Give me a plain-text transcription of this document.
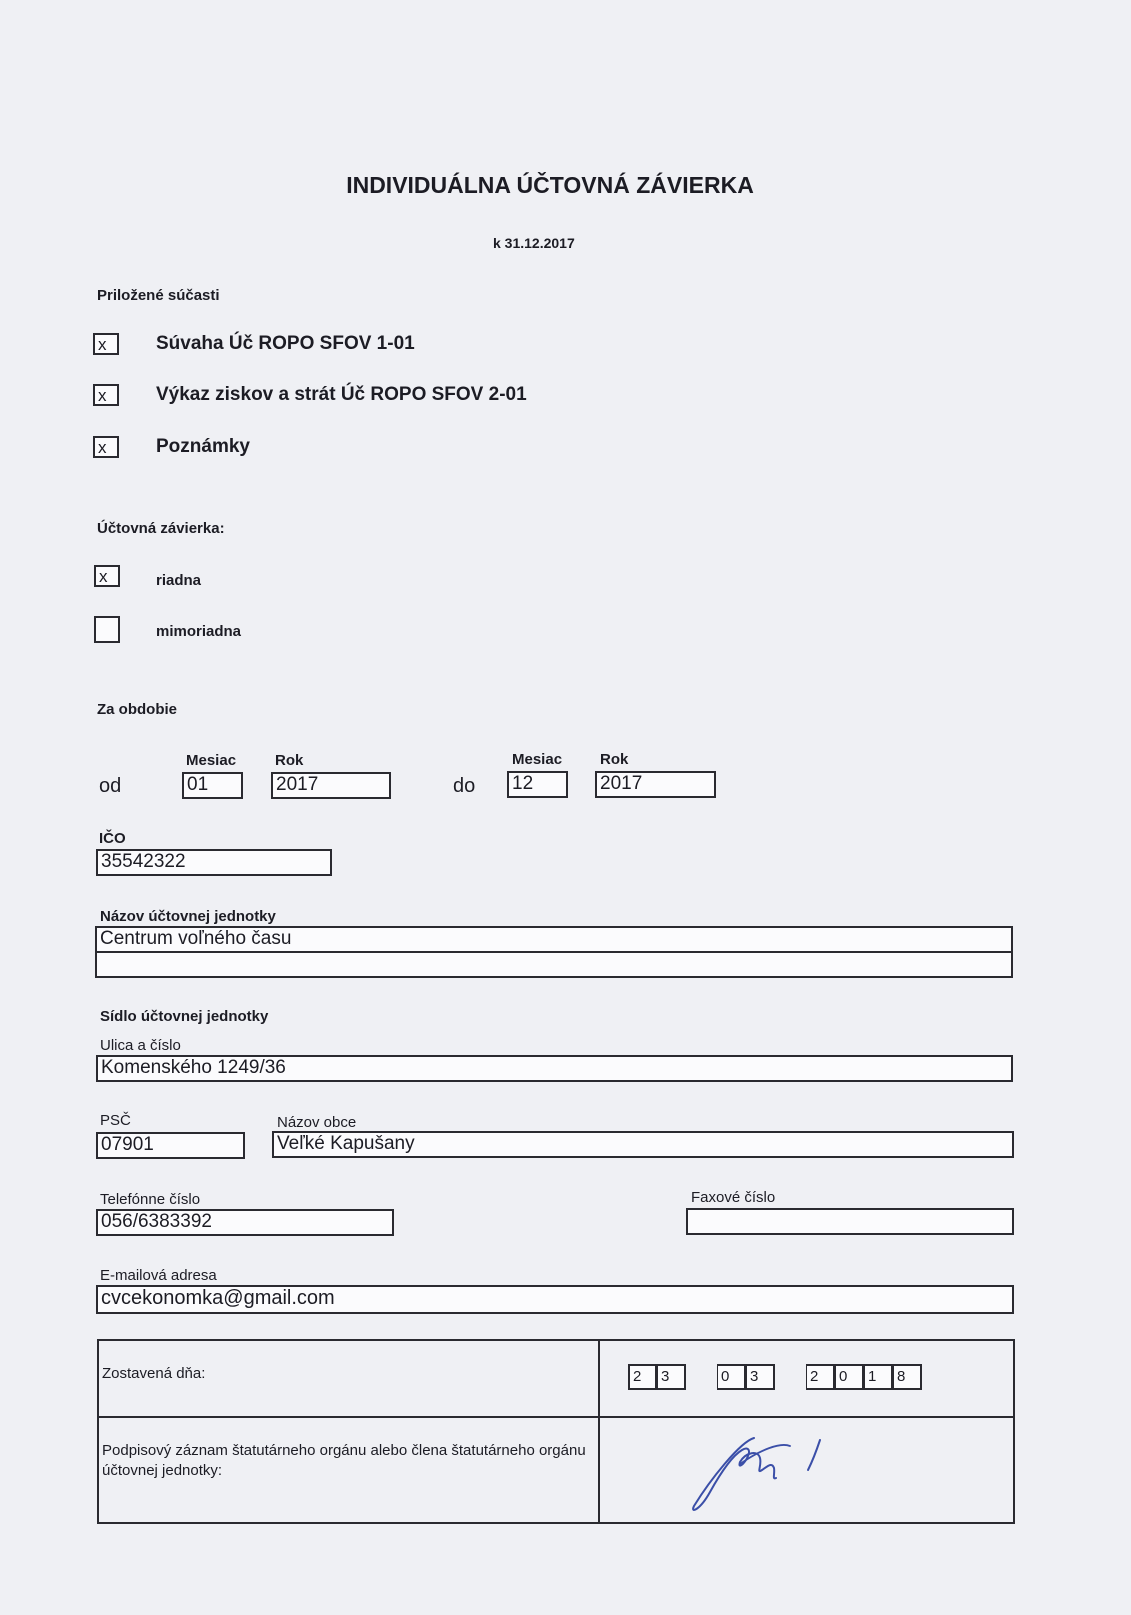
INDIVIDUÁLNA ÚČTOVNÁ ZÁVIERKA
k 31.12.2017
Priložené súčasti
x	Súvaha Úč ROPO SFOV 1-01
x	Výkaz ziskov a strát Úč ROPO SFOV 2-01
x	Poznámky
Účtovná závierka:
x	riadna
mimoriadna
Za obdobie
Mesiac	Rok	Mesiac	Rok
od	01	2017	do 12	2017
IČO
35542322
Názov účtovnej jednotky
Centrum voľného času
Sídlo účtovnej jednotky
Ulica a číslo
Komenského 1249/36
PSČ
07901
Názov obce
Veľké Kapušany
Telefónne číslo
056/6383392
Faxové číslo
E-mailová adresa
cvcekonomka@gmail.com
Zostavená dňa:	2	3	0	3	2	0	1	8
Podpisový záznam štatutárneho orgánu alebo člena štatutárneho orgánu účtovnej jednotky:
